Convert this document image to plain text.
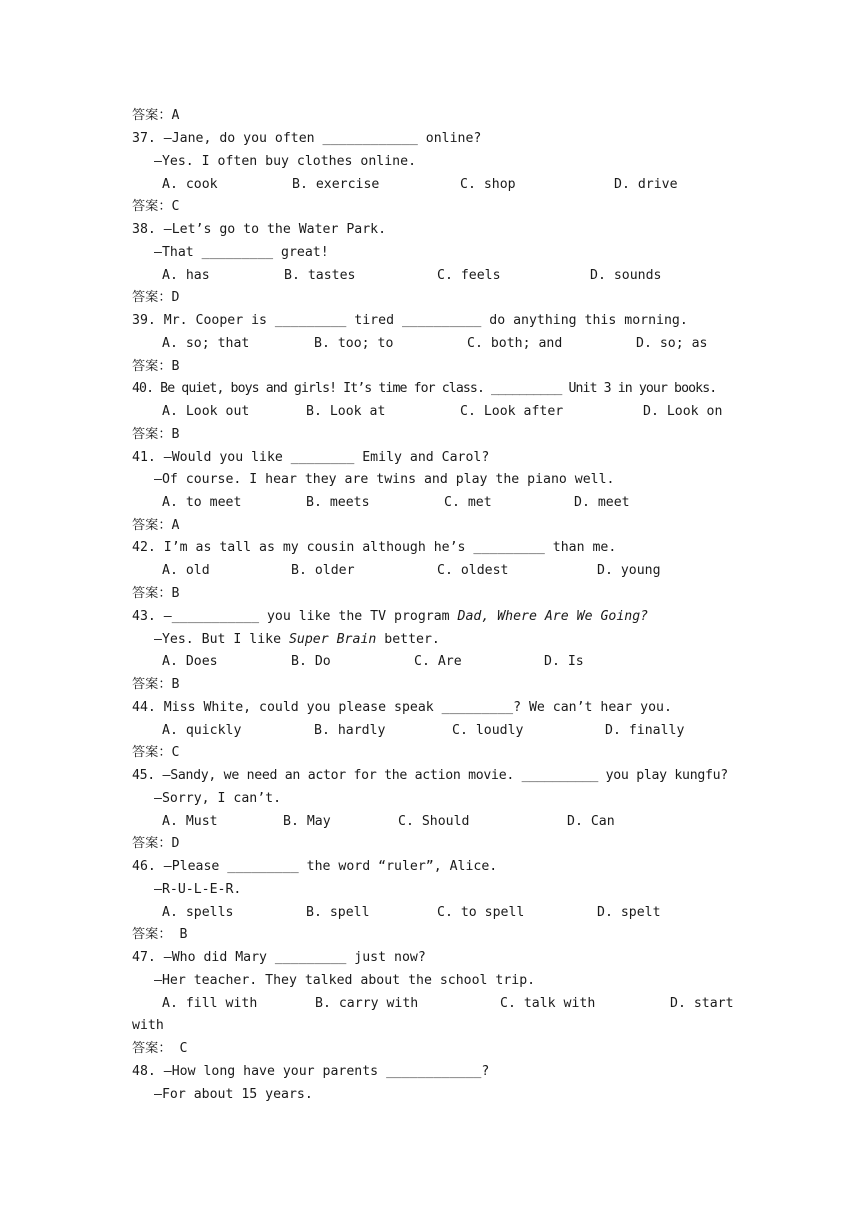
答案：A
37. —Jane, do you often ____________ online?
—Yes. I often buy clothes online.

A. cook

	B. exercise

	C. shop

	D. drive

答案：C
38. —Let’s go to the Water Park.
—That _________ great!

A. has

	B. tastes

	C. feels

	D. sounds

答案：D
39. Mr. Cooper is _________ tired __________ do anything this morning.

A. so; that

	B. too; to

	C. both; and

	D. so; as

答案：B
40. Be quiet, boys and girls! It’s time for class. __________ Unit 3 in your books.

A. Look out

	B. Look at

	C. Look after

	D. Look on

答案：B
41. —Would you like ________ Emily and Carol?
—Of course. I hear they are twins and play the piano well.

A. to meet

	B. meets

	C. met

	D. meet

答案：A
42. I’m as tall as my cousin although he’s _________ than me.

A. old

	B. older

	C. oldest

	D. young

答案：B
43. —___________ you like the TV program Dad, Where Are We Going?
—Yes. But I like Super Brain better.

A. Does

	B. Do

	C. Are

	D. Is

答案：B
44. Miss White, could you please speak _________? We can’t hear you.

A. quickly

	B. hardly

	C. loudly

	D. finally

答案：C
45. —Sandy, we need an actor for the action movie. __________ you play kungfu?
—Sorry, I can’t.

A. Must

	B. May

	C. Should

	D. Can

答案：D
46. —Please _________ the word “ruler”, Alice.
—R-U-L-E-R.

A. spells

	B. spell

	C. to spell

	D. spelt

答案： B
47. —Who did Mary _________ just now?
—Her teacher. They talked about the school trip.

A. fill with

	B. carry with

	C. talk with

	D. start

with
答案： C
48. —How long have your parents ____________?
—For about 15 years.
